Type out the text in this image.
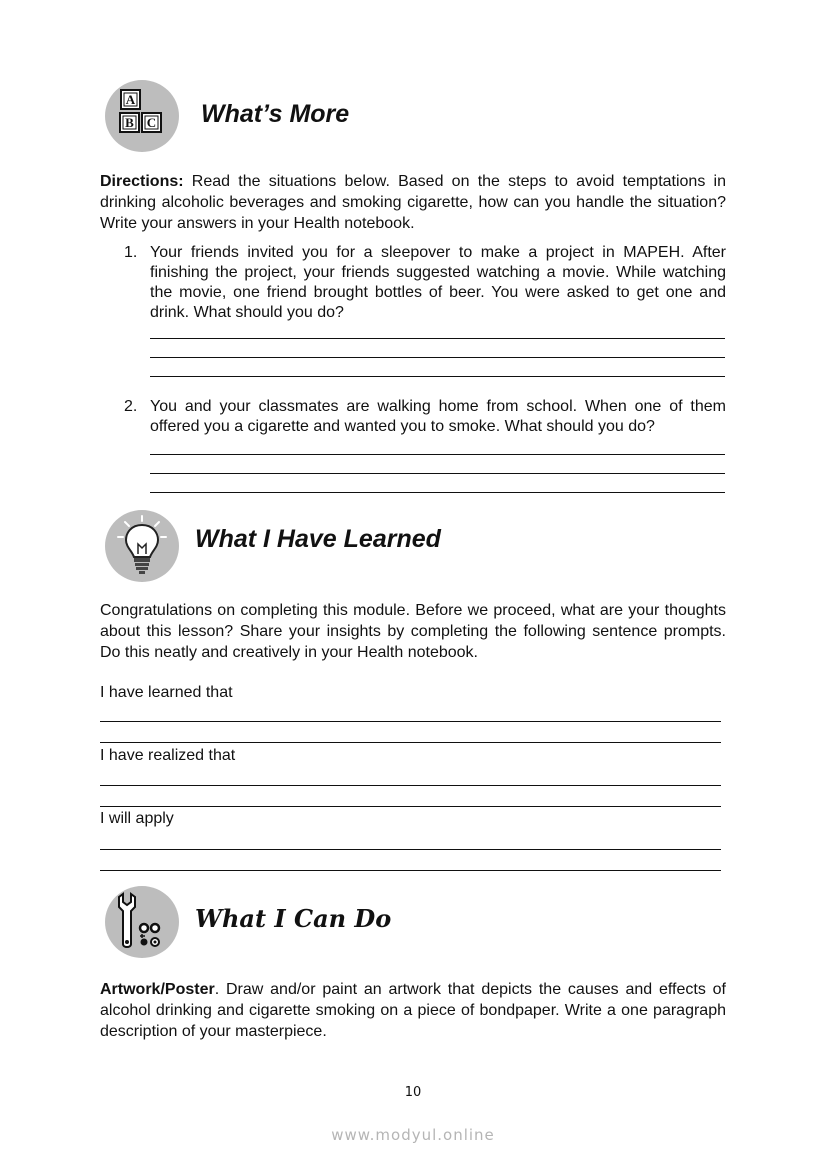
A
B C What’s More
Directions: Read the situations below. Based on the steps to avoid temptations in drinking alcoholic beverages and smoking cigarette, how can you handle the situation? Write your answers in your Health notebook.
1. Your friends invited you for a sleepover to make a project in MAPEH. After finishing the project, your friends suggested watching a movie. While watching the movie, one friend brought bottles of beer. You were asked to get one and drink. What should you do?
2. You and your classmates are walking home from school. When one of them offered you a cigarette and wanted you to smoke. What should you do?
What I Have Learned
Congratulations on completing this module. Before we proceed, what are your thoughts about this lesson? Share your insights by completing the following sentence prompts. Do this neatly and creatively in your Health notebook.
I have learned that
I have realized that
I will apply
What I Can Do
Artwork/Poster. Draw and/or paint an artwork that depicts the causes and effects of alcohol drinking and cigarette smoking on a piece of bondpaper. Write a one paragraph description of your masterpiece.
10
www.modyul.online
